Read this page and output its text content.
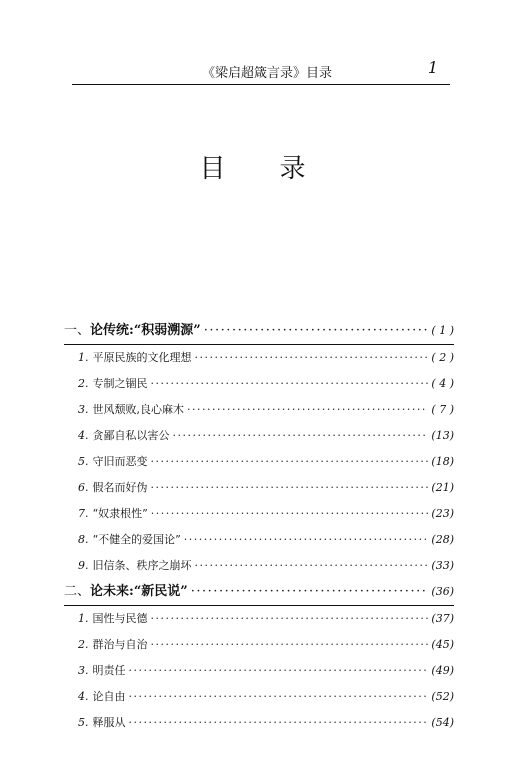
《梁启超箴言录》目录	1
目录
一、 论传统:“积弱溯源” ·····	( 1 )
1. 平原民族的文化理想 ·····	( 2 )
2. 专制之锢民 ·····	( 4 )
3. 世风颓败,良心麻木 ·····	( 7 )
4. 贪鄙自私以害公 ·····	(13)
5. 守旧而恶变 ·····	(18)
6. 假名而好伪 ·····	(21)
7. “奴隶根性” ·····	(23)
8. “不健全的爱国论” ·····	(28)
9. 旧信条、秩序之崩坏 ·····	(33)
二、 论未来:“新民说” ·····	(36)
1. 国性与民德 ·····	(37)
2. 群治与自治 ·····	(45)
3. 明责任 ·····	(49)
4. 论自由 ·····	(52)
5. 释服从 ·····	(54)
